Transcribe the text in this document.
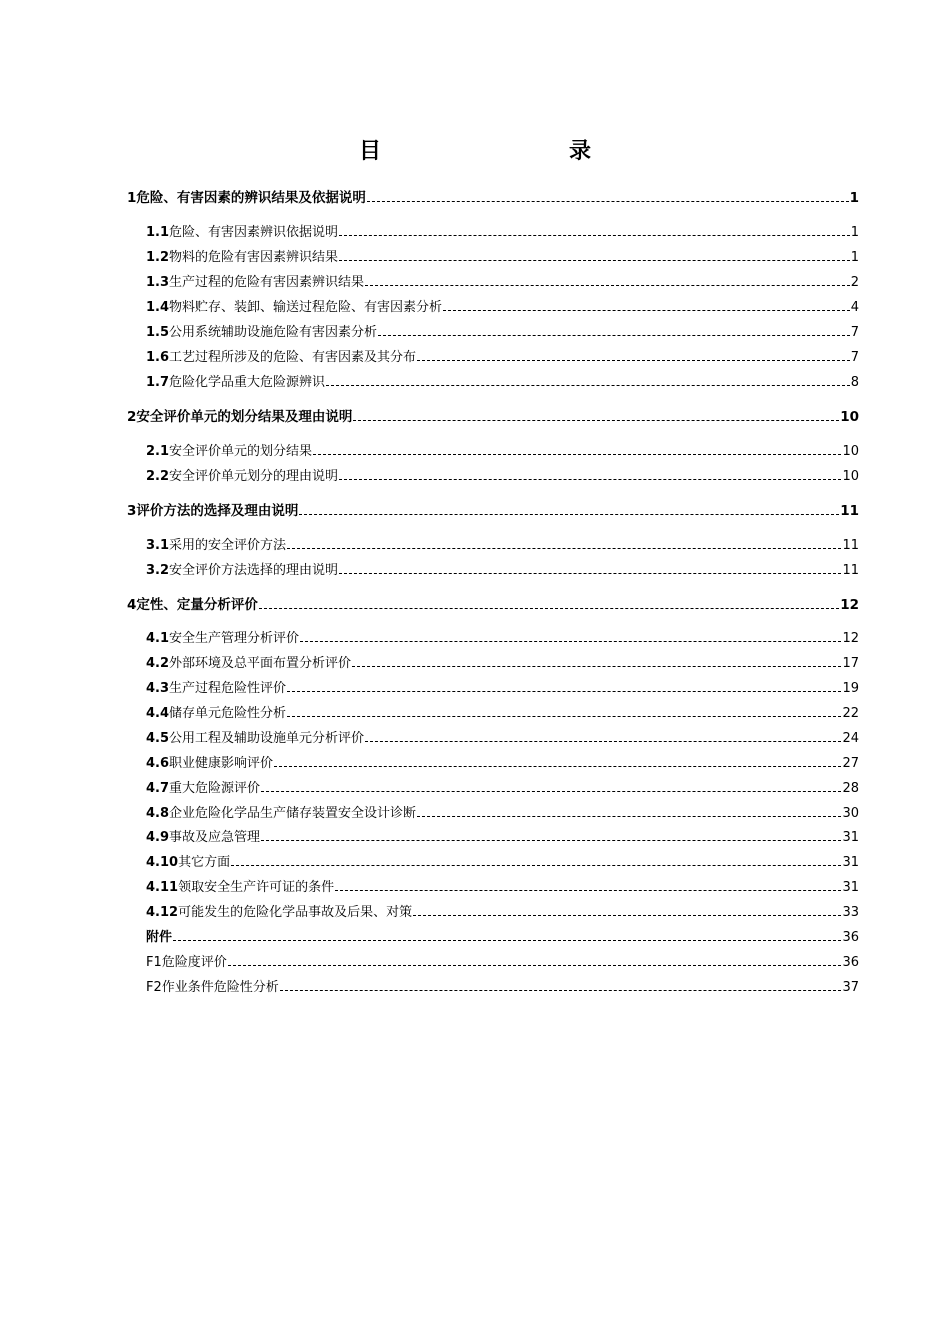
目　　录
1 危险、有害因素的辨识结果及依据说明	1
1.1 危险、有害因素辨识依据说明	1
1.2 物料的危险有害因素辨识结果	1
1.3 生产过程的危险有害因素辨识结果	2
1.4 物料贮存、装卸、输送过程危险、有害因素分析	4
1.5 公用系统辅助设施危险有害因素分析	7
1.6 工艺过程所涉及的危险、有害因素及其分布	7
1.7 危险化学品重大危险源辨识	8
2 安全评价单元的划分结果及理由说明	10
2.1 安全评价单元的划分结果	10
2.2 安全评价单元划分的理由说明	10
3 评价方法的选择及理由说明	11
3.1 采用的安全评价方法	11
3.2 安全评价方法选择的理由说明	11
4 定性、定量分析评价	12
4.1 安全生产管理分析评价	12
4.2 外部环境及总平面布置分析评价	17
4.3 生产过程危险性评价	19
4.4 储存单元危险性分析	22
4.5 公用工程及辅助设施单元分析评价	24
4.6 职业健康影响评价	27
4.7 重大危险源评价	28
4.8 企业危险化学品生产储存装置安全设计诊断	30
4.9 事故及应急管理	31
4.10 其它方面	31
4.11 领取安全生产许可证的条件	31
4.12 可能发生的危险化学品事故及后果、对策	33
附件	36
F1 危险度评价	36
F2 作业条件危险性分析	37
